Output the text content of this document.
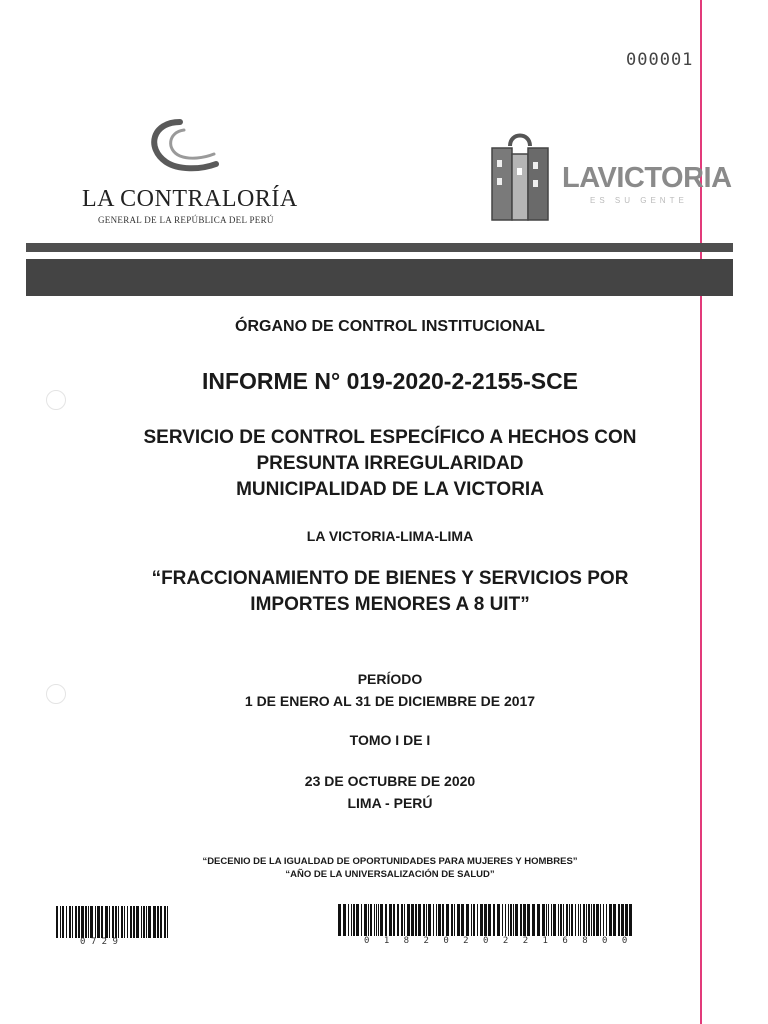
000001
LA CONTRALORÍA
GENERAL DE LA REPÚBLICA DEL PERÚ
LAVICTORIA
ES SU GENTE
ÓRGANO DE CONTROL INSTITUCIONAL
INFORME N° 019-2020-2-2155-SCE
SERVICIO DE CONTROL ESPECÍFICO A HECHOS CON
PRESUNTA IRREGULARIDAD
MUNICIPALIDAD DE LA VICTORIA
LA VICTORIA-LIMA-LIMA
“FRACCIONAMIENTO DE BIENES Y SERVICIOS POR
IMPORTES MENORES A 8 UIT”
PERÍODO
1 DE ENERO AL 31 DE DICIEMBRE DE 2017
TOMO I DE I
23 DE OCTUBRE DE 2020
LIMA - PERÚ
“DECENIO DE LA IGUALDAD DE OPORTUNIDADES PARA MUJERES Y HOMBRES”
“AÑO DE LA UNIVERSALIZACIÓN DE SALUD”
0 7 2 9	0 1 8 2 0 2 0 2 2 1 6 8 0 0
